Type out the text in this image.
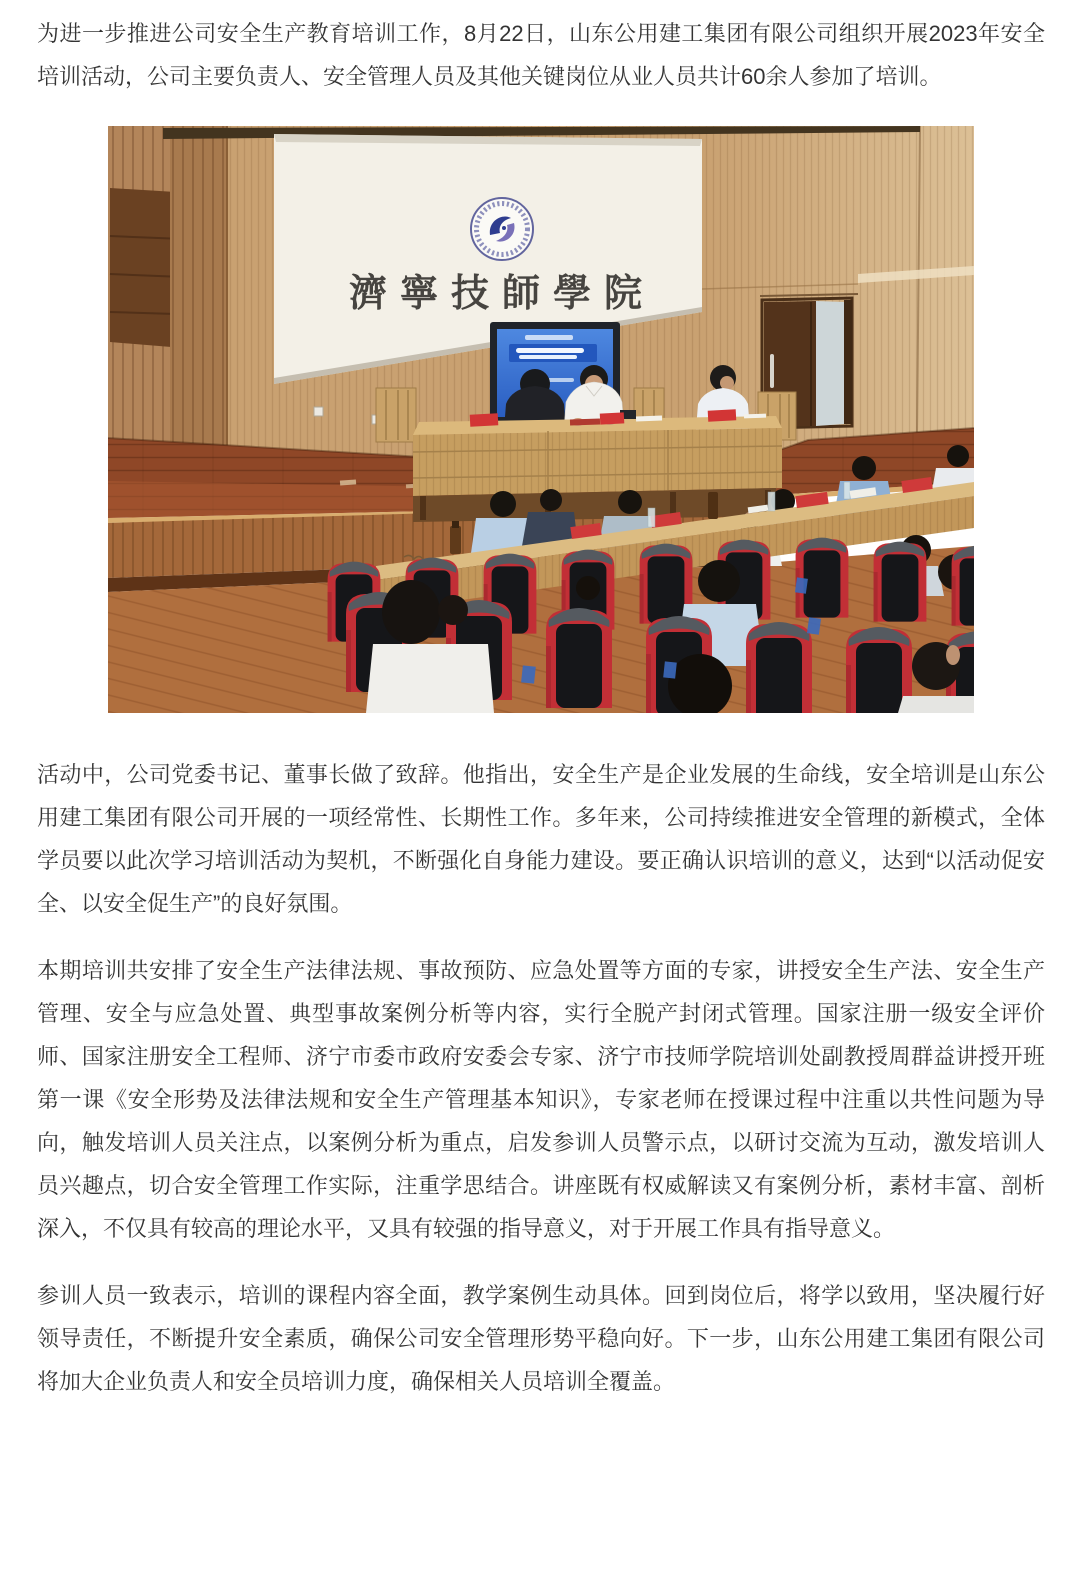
为进一步推进公司安全生产教育培训工作，8月22日，山东公用建工集团有限公司组织开展2023年安全培训活动，公司主要负责人、安全管理人员及其他关键岗位从业人员共计60余人参加了培训。

濟寧技師學院

活动中，公司党委书记、董事长做了致辞。他指出，安全生产是企业发展的生命线，安全培训是山东公用建工集团有限公司开展的一项经常性、长期性工作。多年来，公司持续推进安全管理的新模式，全体学员要以此次学习培训活动为契机，不断强化自身能力建设。要正确认识培训的意义，达到“以活动促安全、以安全促生产”的良好氛围。

本期培训共安排了安全生产法律法规、事故预防、应急处置等方面的专家，讲授安全生产法、安全生产管理、安全与应急处置、典型事故案例分析等内容，实行全脱产封闭式管理。国家注册一级安全评价师、国家注册安全工程师、济宁市委市政府安委会专家、济宁市技师学院培训处副教授周群益讲授开班第一课《安全形势及法律法规和安全生产管理基本知识》，专家老师在授课过程中注重以共性问题为导向，触发培训人员关注点，以案例分析为重点，启发参训人员警示点，以研讨交流为互动，激发培训人员兴趣点，切合安全管理工作实际，注重学思结合。讲座既有权威解读又有案例分析，素材丰富、剖析深入，不仅具有较高的理论水平，又具有较强的指导意义，对于开展工作具有指导意义。

参训人员一致表示，培训的课程内容全面，教学案例生动具体。回到岗位后，将学以致用，坚决履行好领导责任，不断提升安全素质，确保公司安全管理形势平稳向好。下一步，山东公用建工集团有限公司将加大企业负责人和安全员培训力度，确保相关人员培训全覆盖。
